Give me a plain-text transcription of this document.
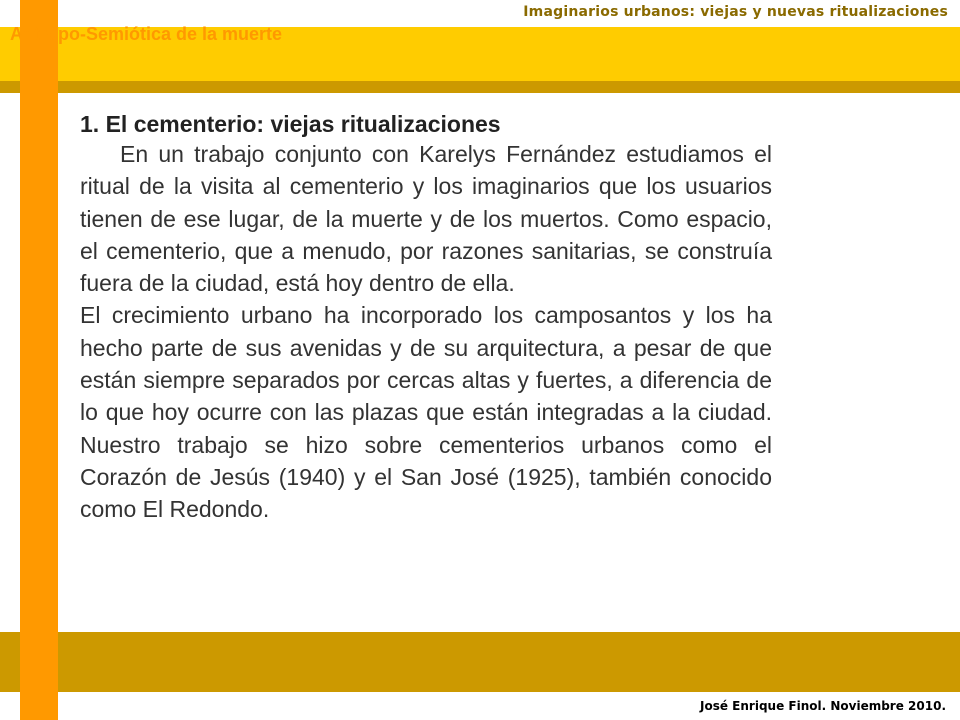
Imaginarios urbanos: viejas y nuevas ritualizaciones
Antropo-Semiótica de la muerte

1. El cementerio: viejas ritualizaciones

En un trabajo conjunto con Karelys Fernández estudiamos el ritual de la visita al cementerio y los imaginarios que los usuarios tienen de ese lugar, de la muerte y de los muertos. Como espacio, el cementerio, que a menudo, por razones sanitarias, se construía fuera de la ciudad, está hoy dentro de ella.

El crecimiento urbano ha incorporado los camposantos y los ha hecho parte de sus avenidas y de su arquitectura, a pesar de que están siempre separados por cercas altas y fuertes, a diferencia de lo que hoy ocurre con las plazas que están integradas a la ciudad. Nuestro trabajo se hizo sobre cementerios urbanos como el Corazón de Jesús (1940) y el San José (1925), también conocido como El Redondo.

José Enrique Finol. Noviembre 2010.
